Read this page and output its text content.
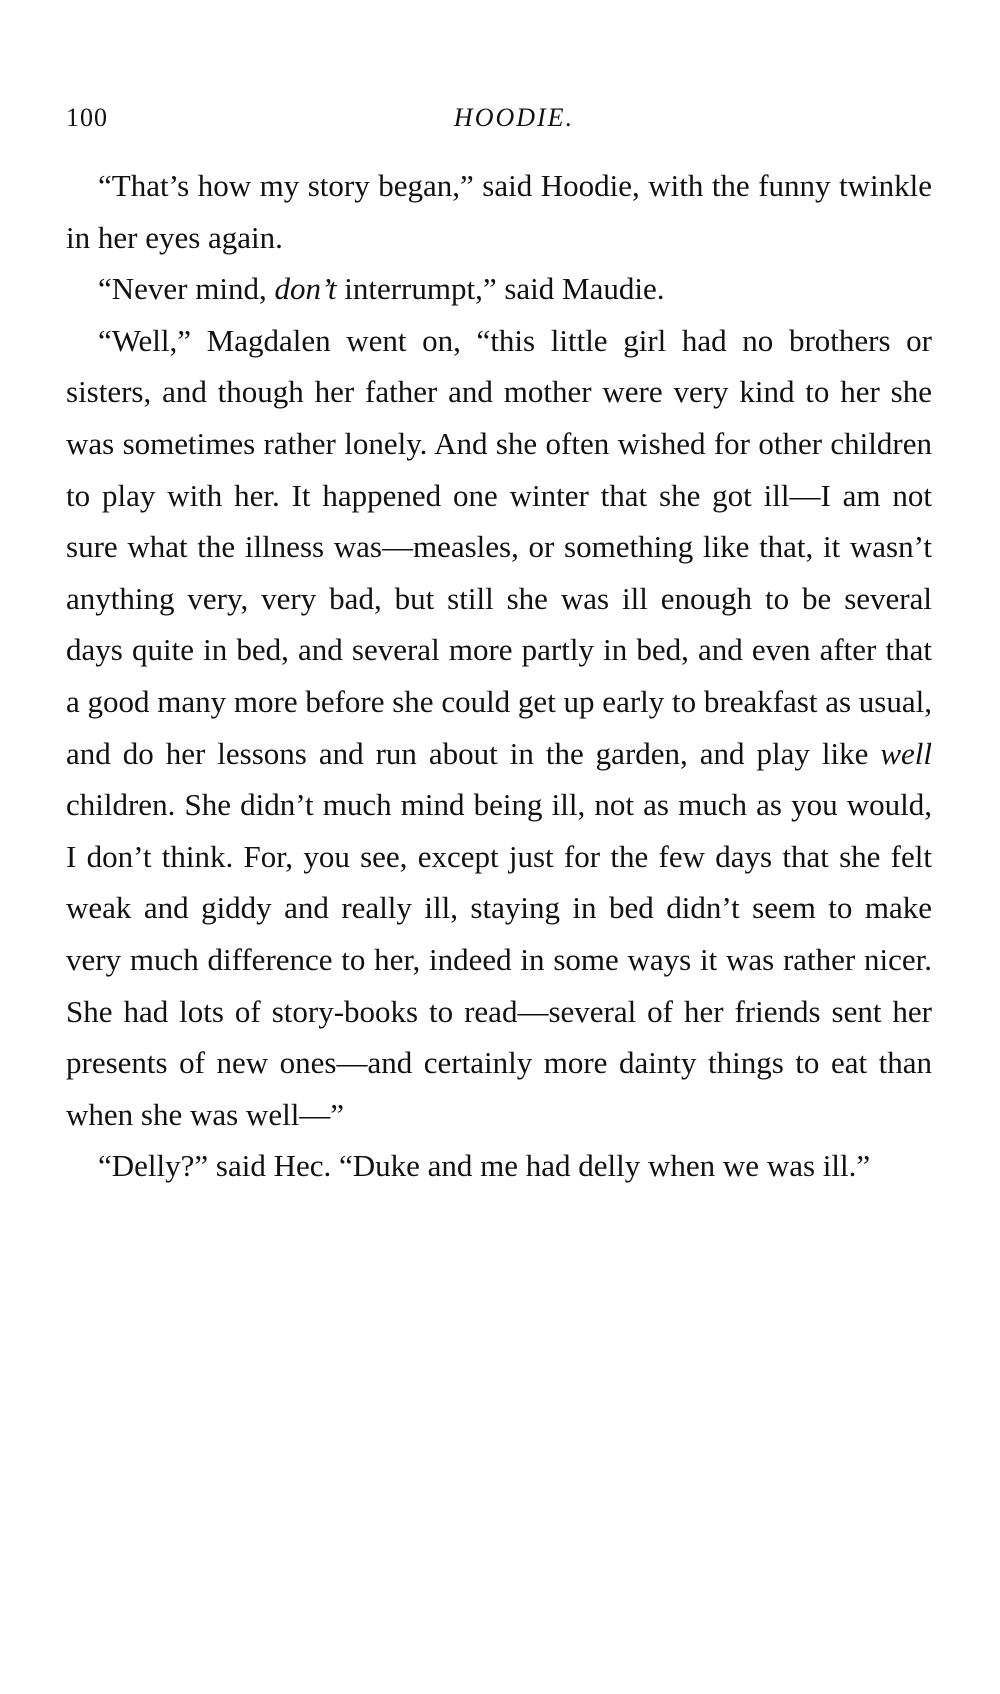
100	HOODIE.

“That’s how my story began,” said Hoodie, with the funny twinkle in her eyes again.

“Never mind, don’t interrumpt,” said Maudie.

“Well,” Magdalen went on, “this little girl had no brothers or sisters, and though her father and mother were very kind to her she was sometimes rather lonely. And she often wished for other children to play with her. It happened one winter that she got ill—I am not sure what the illness was—measles, or something like that, it wasn’t anything very, very bad, but still she was ill enough to be several days quite in bed, and several more partly in bed, and even after that a good many more before she could get up early to breakfast as usual, and do her lessons and run about in the garden, and play like well children. She didn’t much mind being ill, not as much as you would, I don’t think. For, you see, except just for the few days that she felt weak and giddy and really ill, staying in bed didn’t seem to make very much difference to her, indeed in some ways it was rather nicer. She had lots of story-books to read—several of her friends sent her presents of new ones—and certainly more dainty things to eat than when she was well—”

“Delly?” said Hec. “Duke and me had delly when we was ill.”
